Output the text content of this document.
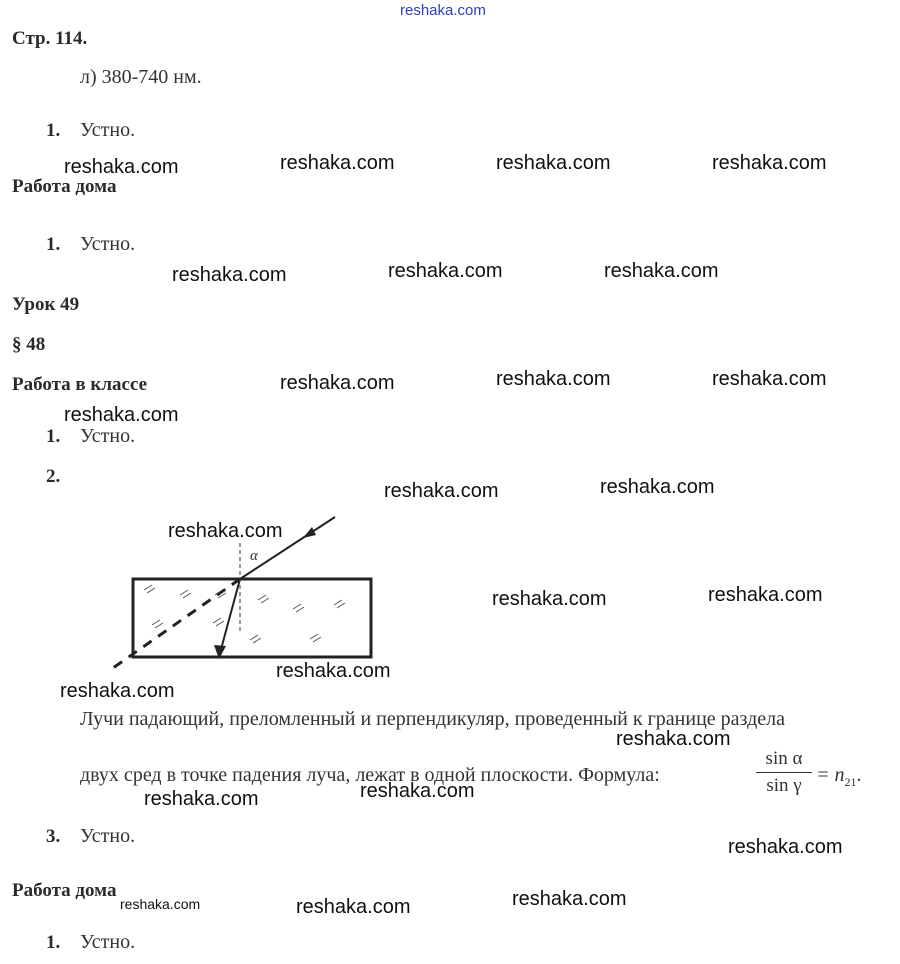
reshaka.com
Стр. 114.
л) 380-740 нм.
1. Устно.
Работа дома
1. Устно.
Урок 49
§ 48
Работа в классе
1. Устно.
2.
α
Лучи падающий, преломленный и перпендикуляр, проведенный к границе раздела
двух сред в точке падения луча, лежат в одной плоскости. Формула:
sin α
$\sin \gamma = n_{21}$.
3. Устно.
Работа дома
1. Устно.
reshaka.com	reshaka.com	reshaka.com	reshaka.com
reshaka.com	reshaka.com	reshaka.com
reshaka.com	reshaka.com	reshaka.com
reshaka.com
reshaka.com	reshaka.com
reshaka.com
reshaka.com	reshaka.com
reshaka.com
reshaka.com
reshaka.com
reshaka.com
reshaka.com
reshaka.com
reshaka.com
reshaka.com
reshaka.com
